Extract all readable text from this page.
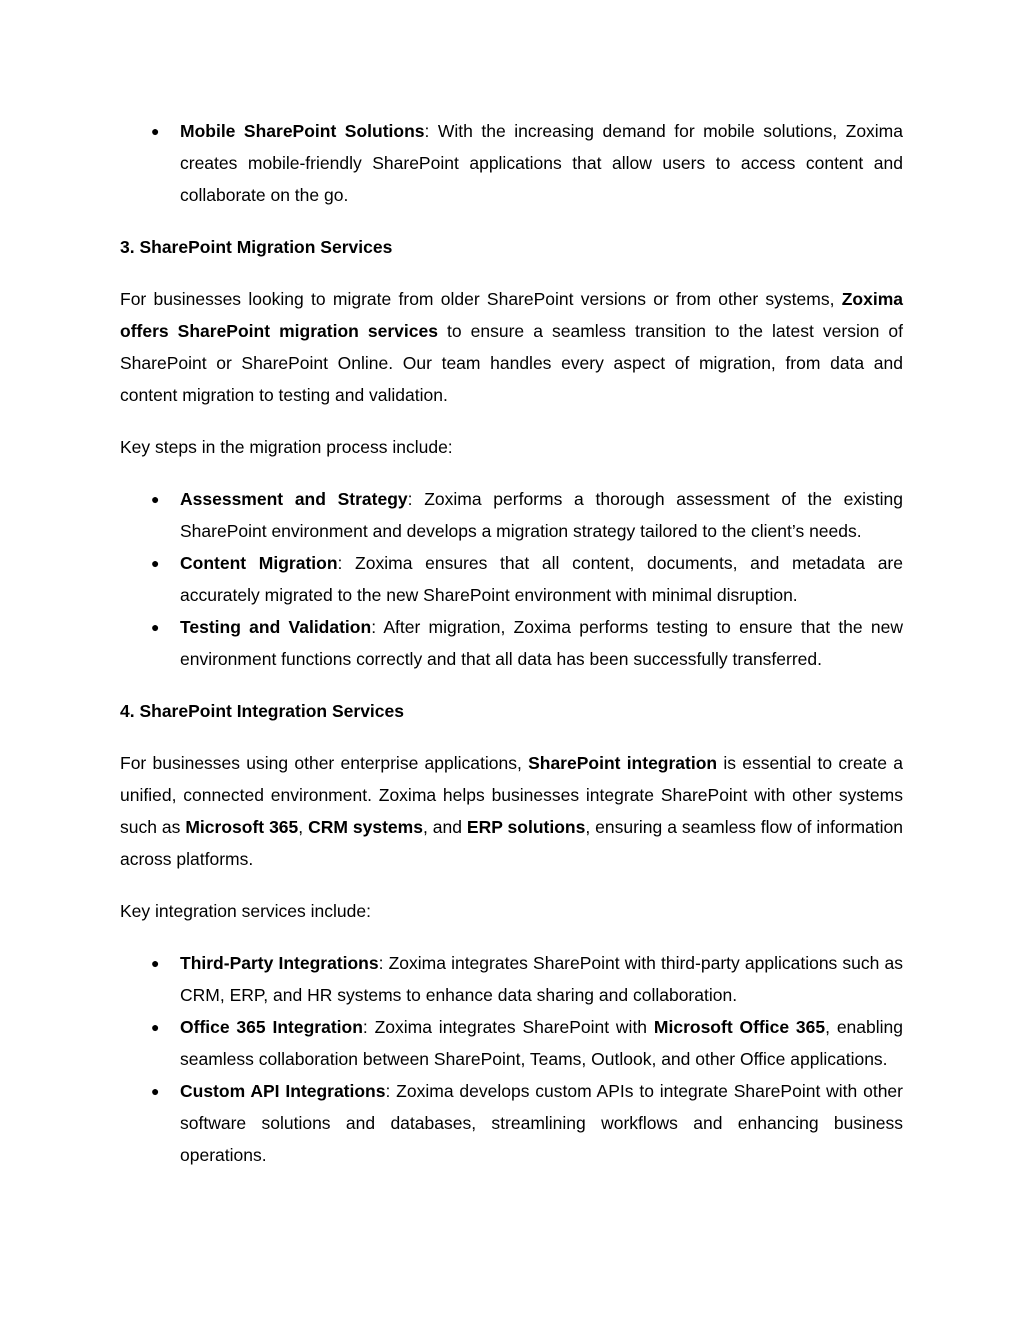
● Mobile SharePoint Solutions: With the increasing demand for mobile solutions, Zoxima creates mobile-friendly SharePoint applications that allow users to access content and collaborate on the go.

3. SharePoint Migration Services

For businesses looking to migrate from older SharePoint versions or from other systems, Zoxima offers SharePoint migration services to ensure a seamless transition to the latest version of SharePoint or SharePoint Online. Our team handles every aspect of migration, from data and content migration to testing and validation.

Key steps in the migration process include:

● Assessment and Strategy: Zoxima performs a thorough assessment of the existing SharePoint environment and develops a migration strategy tailored to the client’s needs.
● Content Migration: Zoxima ensures that all content, documents, and metadata are accurately migrated to the new SharePoint environment with minimal disruption.
● Testing and Validation: After migration, Zoxima performs testing to ensure that the new environment functions correctly and that all data has been successfully transferred.

4. SharePoint Integration Services

For businesses using other enterprise applications, SharePoint integration is essential to create a unified, connected environment. Zoxima helps businesses integrate SharePoint with other systems such as Microsoft 365, CRM systems, and ERP solutions, ensuring a seamless flow of information across platforms.

Key integration services include:

● Third-Party Integrations: Zoxima integrates SharePoint with third-party applications such as CRM, ERP, and HR systems to enhance data sharing and collaboration.
● Office 365 Integration: Zoxima integrates SharePoint with Microsoft Office 365, enabling seamless collaboration between SharePoint, Teams, Outlook, and other Office applications.
● Custom API Integrations: Zoxima develops custom APIs to integrate SharePoint with other software solutions and databases, streamlining workflows and enhancing business operations.
